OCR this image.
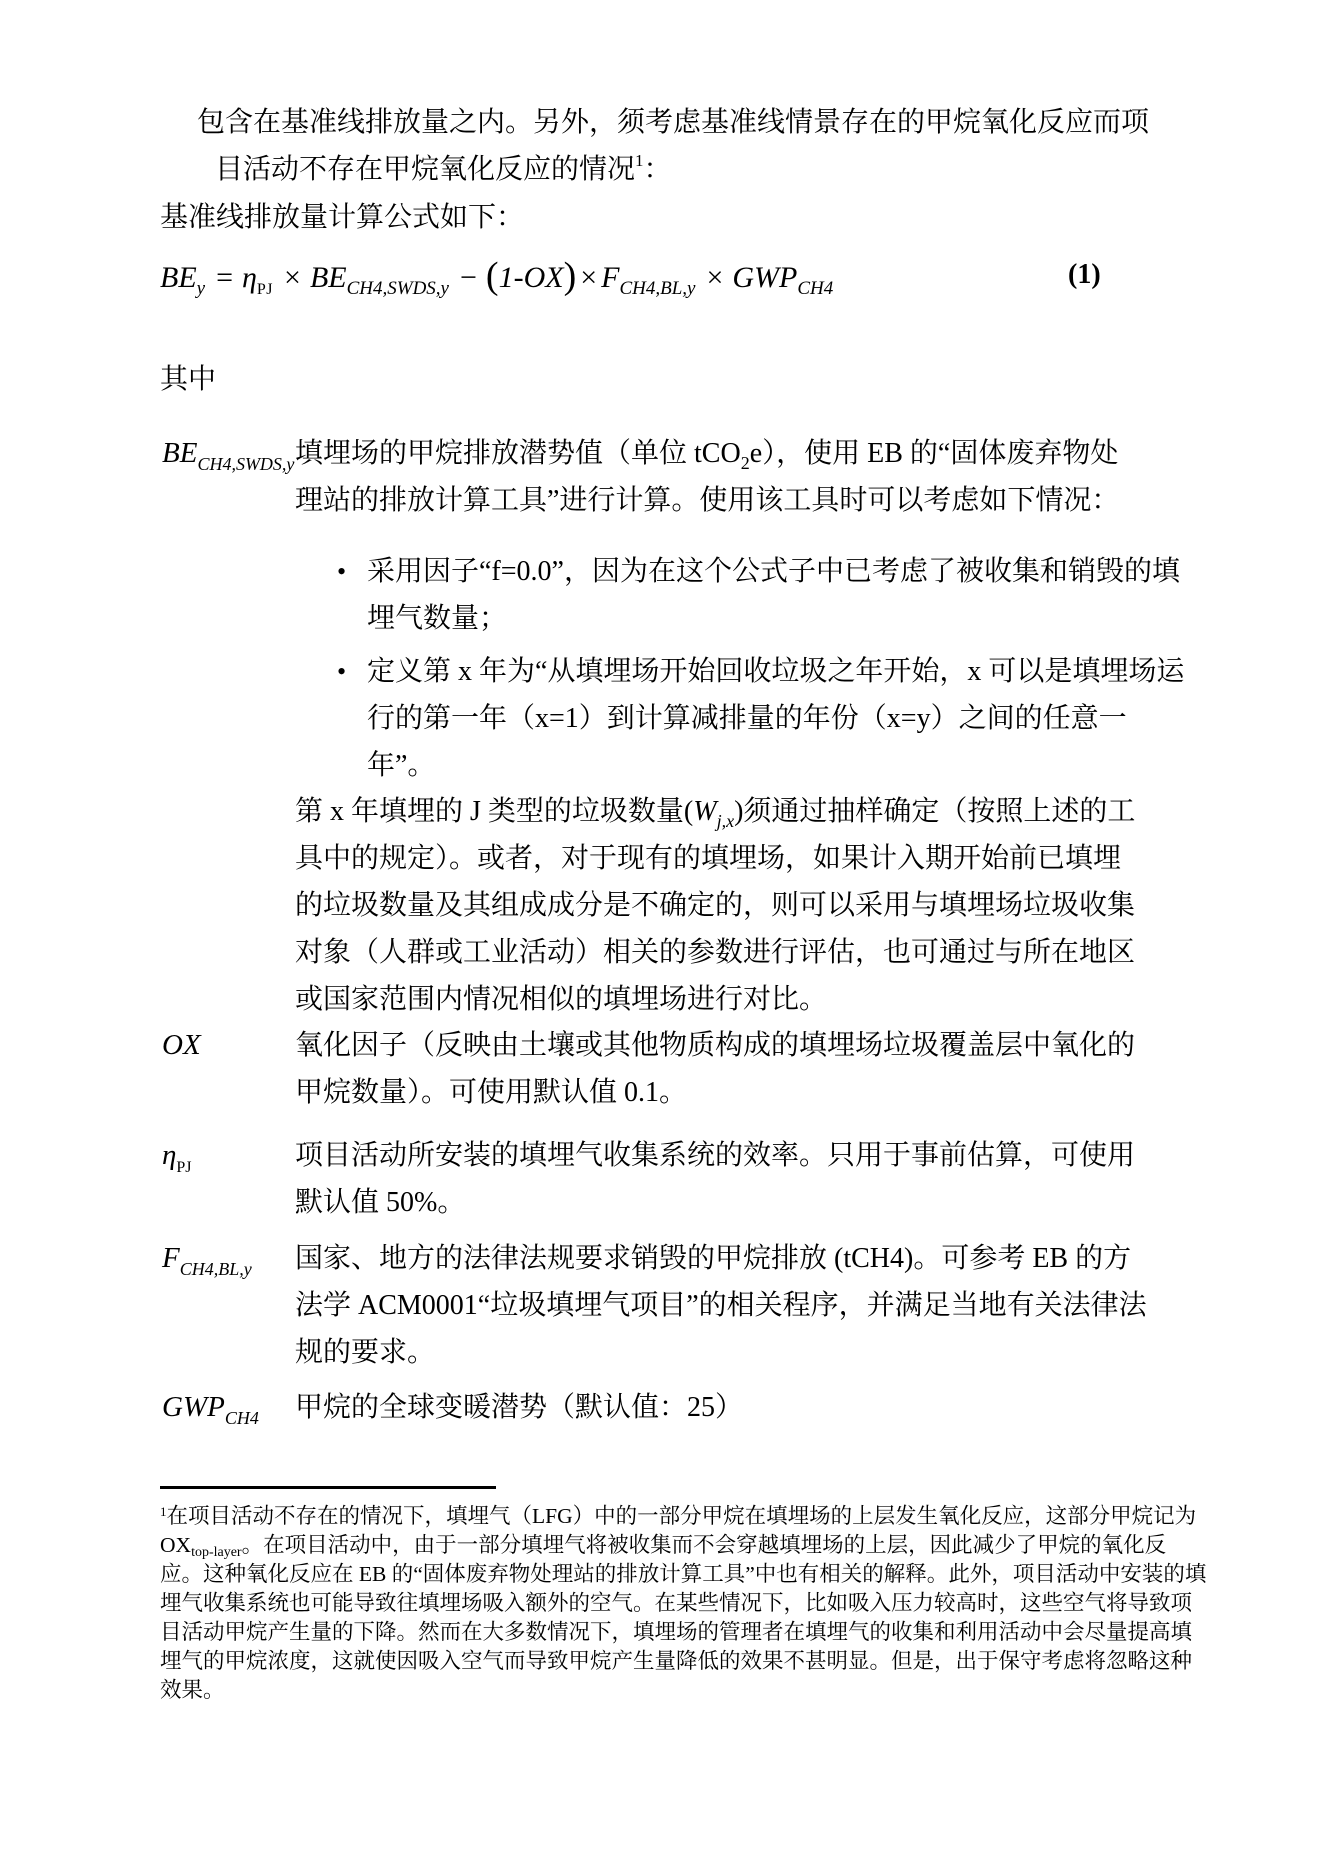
包含在基准线排放量之内。另外，须考虑基准线情景存在的甲烷氧化反应而项
目活动不存在甲烷氧化反应的情况$^1$：
基准线排放量计算公式如下：
$BE_y = \eta_{PJ} \times BE_{CH4,SWDS,y} - (1-OX) \times F_{CH4,BL,y} \times GWP_{CH4}$	(1)
其中
$BE_{CH4,SWDS,y}$ 填埋场的甲烷排放潜势值（单位 tCO$_2$e），使用 EB 的“固体废弃物处
理站的排放计算工具”进行计算。使用该工具时可以考虑如下情况：
• 采用因子“f=0.0”，因为在这个公式子中已考虑了被收集和销毁的填
埋气数量；
• 定义第 x 年为“从填埋场开始回收垃圾之年开始，x 可以是填埋场运
行的第一年（x=1）到计算减排量的年份（x=y）之间的任意一
年”。
第 x 年填埋的 J 类型的垃圾数量$(W_{j,x})$须通过抽样确定（按照上述的工
具中的规定）。或者，对于现有的填埋场，如果计入期开始前已填埋
的垃圾数量及其组成成分是不确定的，则可以采用与填埋场垃圾收集
对象（人群或工业活动）相关的参数进行评估，也可通过与所在地区
或国家范围内情况相似的填埋场进行对比。
OX	氧化因子（反映由土壤或其他物质构成的填埋场垃圾覆盖层中氧化的
甲烷数量）。可使用默认值 0.1。
$\eta_{PJ}$	项目活动所安装的填埋气收集系统的效率。只用于事前估算，可使用
默认值 50%。
$F_{CH4,BL,y}$ 国家、地方的法律法规要求销毁的甲烷排放 (tCH4)。可参考 EB 的方
法学 ACM0001“垃圾填埋气项目”的相关程序，并满足当地有关法律法
规的要求。
$GWP_{CH4}$ 甲烷的全球变暖潜势（默认值：25）
$^1$在项目活动不存在的情况下，填埋气（LFG）中的一部分甲烷在填埋场的上层发生氧化反应，这部分甲烷记为
OXtop-layer。在项目活动中，由于一部分填埋气将被收集而不会穿越填埋场的上层，因此减少了甲烷的氧化反
应。这种氧化反应在 EB 的“固体废弃物处理站的排放计算工具”中也有相关的解释。此外，项目活动中安装的填
埋气收集系统也可能导致往填埋场吸入额外的空气。在某些情况下，比如吸入压力较高时，这些空气将导致项
目活动甲烷产生量的下降。然而在大多数情况下，填埋场的管理者在填埋气的收集和利用活动中会尽量提高填
埋气的甲烷浓度，这就使因吸入空气而导致甲烷产生量降低的效果不甚明显。但是，出于保守考虑将忽略这种
效果。
